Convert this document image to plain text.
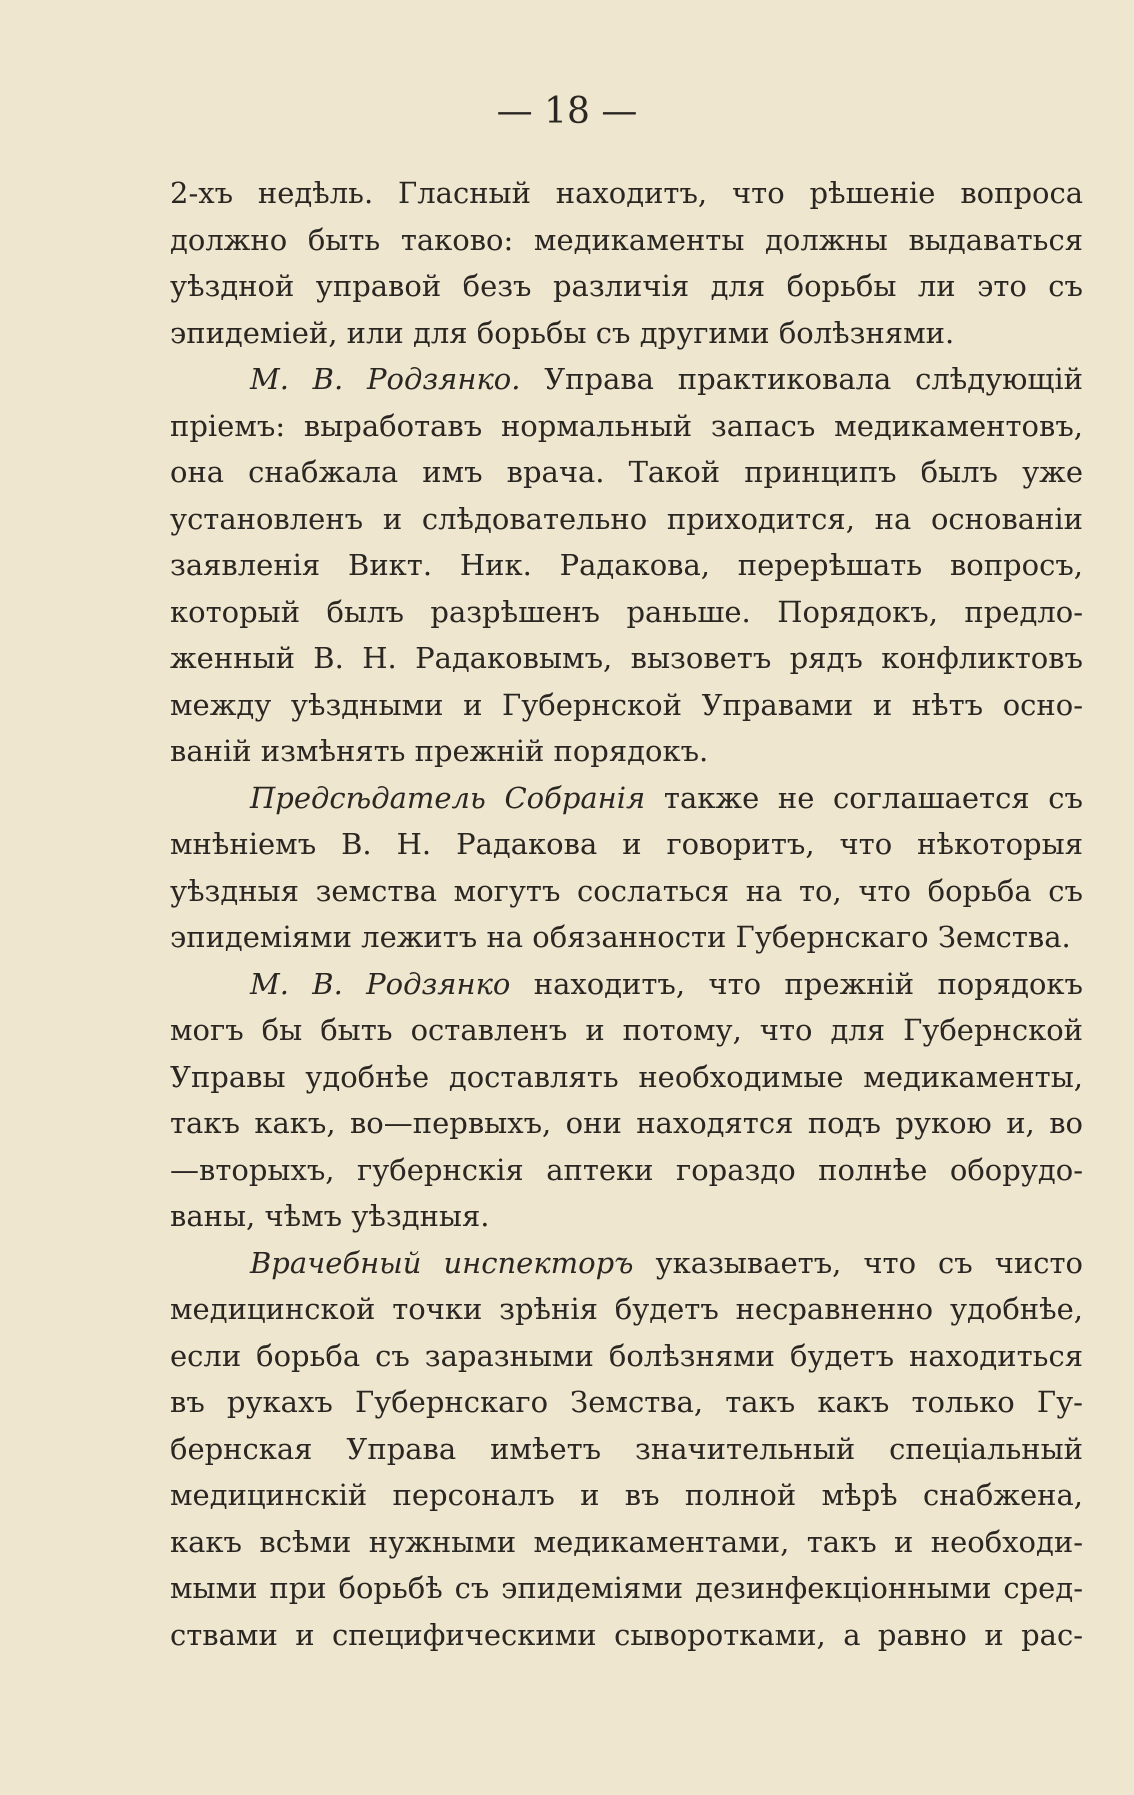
— 18 —
2-хъ недѣль. Гласный находитъ, что рѣшеніе вопроса
должно быть таково: медикаменты должны выдаваться
уѣздной управой безъ различія для борьбы ли это съ
эпидеміей, или для борьбы съ другими болѣзнями.
М. В. Родзянко. Управа практиковала слѣдующій
пріемъ: выработавъ нормальный запасъ медикаментовъ,
она снабжала имъ врача. Такой принципъ былъ уже
установленъ и слѣдовательно приходится, на основаніи
заявленія Викт. Ник. Радакова, перерѣшать вопросъ,
который былъ разрѣшенъ раньше. Порядокъ, предло-
женный В. Н. Радаковымъ, вызоветъ рядъ конфликтовъ
между уѣздными и Губернской Управами и нѣтъ осно-
ваній измѣнять прежній порядокъ.
Предсѣдатель Собранія также не соглашается съ
мнѣніемъ В. Н. Радакова и говоритъ, что нѣкоторыя
уѣздныя земства могутъ сослаться на то, что борьба съ
эпидеміями лежитъ на обязанности Губернскаго Земства.
М. В. Родзянко находитъ, что прежній порядокъ
могъ бы быть оставленъ и потому, что для Губернской
Управы удобнѣе доставлять необходимые медикаменты,
такъ какъ, во—первыхъ, они находятся подъ рукою и, во
—вторыхъ, губернскія аптеки гораздо полнѣе оборудо-
ваны, чѣмъ уѣздныя.
Врачебный инспекторъ указываетъ, что съ чисто
медицинской точки зрѣнія будетъ несравненно удобнѣе,
если борьба съ заразными болѣзнями будетъ находиться
въ рукахъ Губернскаго Земства, такъ какъ только Гу-
бернская Управа имѣетъ значительный спеціальный
медицинскій персоналъ и въ полной мѣрѣ снабжена,
какъ всѣми нужными медикаментами, такъ и необходи-
мыми при борьбѣ съ эпидеміями дезинфекціонными сред-
ствами и специфическими сыворотками, а равно и рас-
